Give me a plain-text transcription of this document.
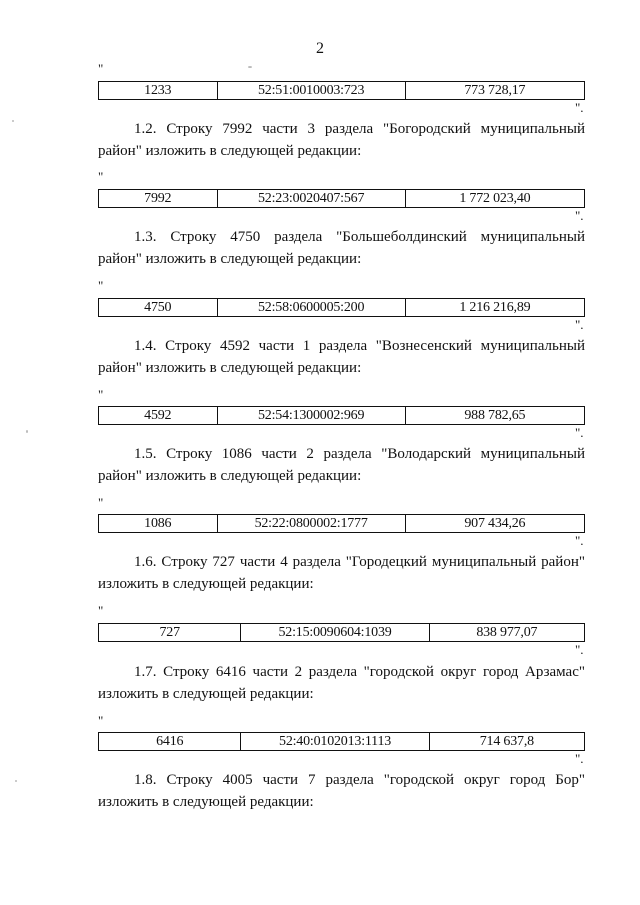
2
"
1233	52:51:0010003:723	773 728,17
".
1.2. Строку 7992 части 3 раздела "Богородский муниципальный
район" изложить в следующей редакции:
"
7992	52:23:0020407:567	1 772 023,40
".
1.3. Строку 4750 раздела "Большеболдинский муниципальный
район" изложить в следующей редакции:
"
4750	52:58:0600005:200	1 216 216,89
".
1.4. Строку 4592 части 1 раздела "Вознесенский муниципальный
район" изложить в следующей редакции:
"
4592	52:54:1300002:969	988 782,65
".
1.5. Строку 1086 части 2 раздела "Володарский муниципальный
район" изложить в следующей редакции:
"
1086	52:22:0800002:1777	907 434,26
".
1.6. Строку 727 части 4 раздела "Городецкий муниципальный район"
изложить в следующей редакции:
"
727	52:15:0090604:1039	838 977,07
".
1.7. Строку 6416 части 2 раздела "городской округ город Арзамас"
изложить в следующей редакции:
"
6416	52:40:0102013:1113	714 637,8
".
1.8. Строку 4005 части 7 раздела "городской округ город Бор"
изложить в следующей редакции:
